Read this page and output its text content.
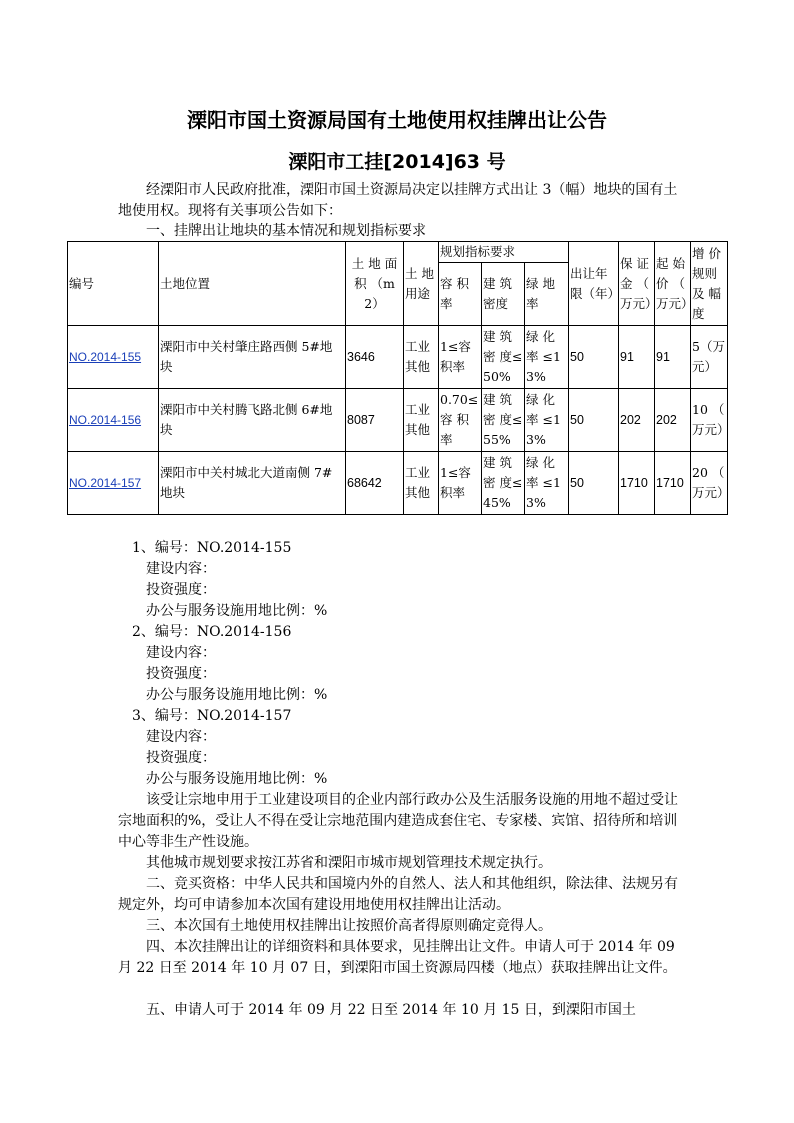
溧阳市国土资源局国有土地使用权挂牌出让公告
溧阳市工挂[2014]63 号
经溧阳市人民政府批准，溧阳市国土资源局决定以挂牌方式出让 3（幅）地块的国有土地使用权。现将有关事项公告如下：
一、挂牌出让地块的基本情况和规划指标要求
编号	土地位置	土 地 面积 （m2）	土 地用途	规划指标要求			出让年限（年）	保 证金 （ 万元）	起 始价 （ 万元）	增 价规则及 幅度
				容 积率	建 筑密度	绿 地率				
NO.2014-155	溧阳市中关村肇庄路西侧 5#地块	3646	工业其他	1≤容积率	建 筑密 度≤50%	绿 化率 ≤13%	50	91	91	5（万元）
NO.2014-156	溧阳市中关村腾飞路北侧 6#地块	8087	工业其他	0.70≤容 积率	建 筑密 度≤55%	绿 化率 ≤13%	50	202	202	10 （ 万元）
NO.2014-157	溧阳市中关村城北大道南侧 7#地块	68642	工业其他	1≤容积率	建 筑密 度≤45%	绿 化率 ≤13%	50	1710	1710	20 （ 万元）
1、编号：NO.2014-155
建设内容：
投资强度：
办公与服务设施用地比例：%
2、编号：NO.2014-156
建设内容：
投资强度：
办公与服务设施用地比例：%
3、编号：NO.2014-157
建设内容：
投资强度：
办公与服务设施用地比例：%
该受让宗地申用于工业建设项目的企业内部行政办公及生活服务设施的用地不超过受让宗地面积的%，受让人不得在受让宗地范围内建造成套住宅、专家楼、宾馆、招待所和培训中心等非生产性设施。
其他城市规划要求按江苏省和溧阳市城市规划管理技术规定执行。
二、竞买资格：中华人民共和国境内外的自然人、法人和其他组织，除法律、法规另有规定外，均可申请参加本次国有建设用地使用权挂牌出让活动。
三、本次国有土地使用权挂牌出让按照价高者得原则确定竞得人。
四、本次挂牌出让的详细资料和具体要求，见挂牌出让文件。申请人可于 2014 年 09 月 22 日至 2014 年 10 月 07 日，到溧阳市国土资源局四楼（地点）获取挂牌出让文件。
五、申请人可于 2014 年 09 月 22 日至 2014 年 10 月 15 日，到溧阳市国土
